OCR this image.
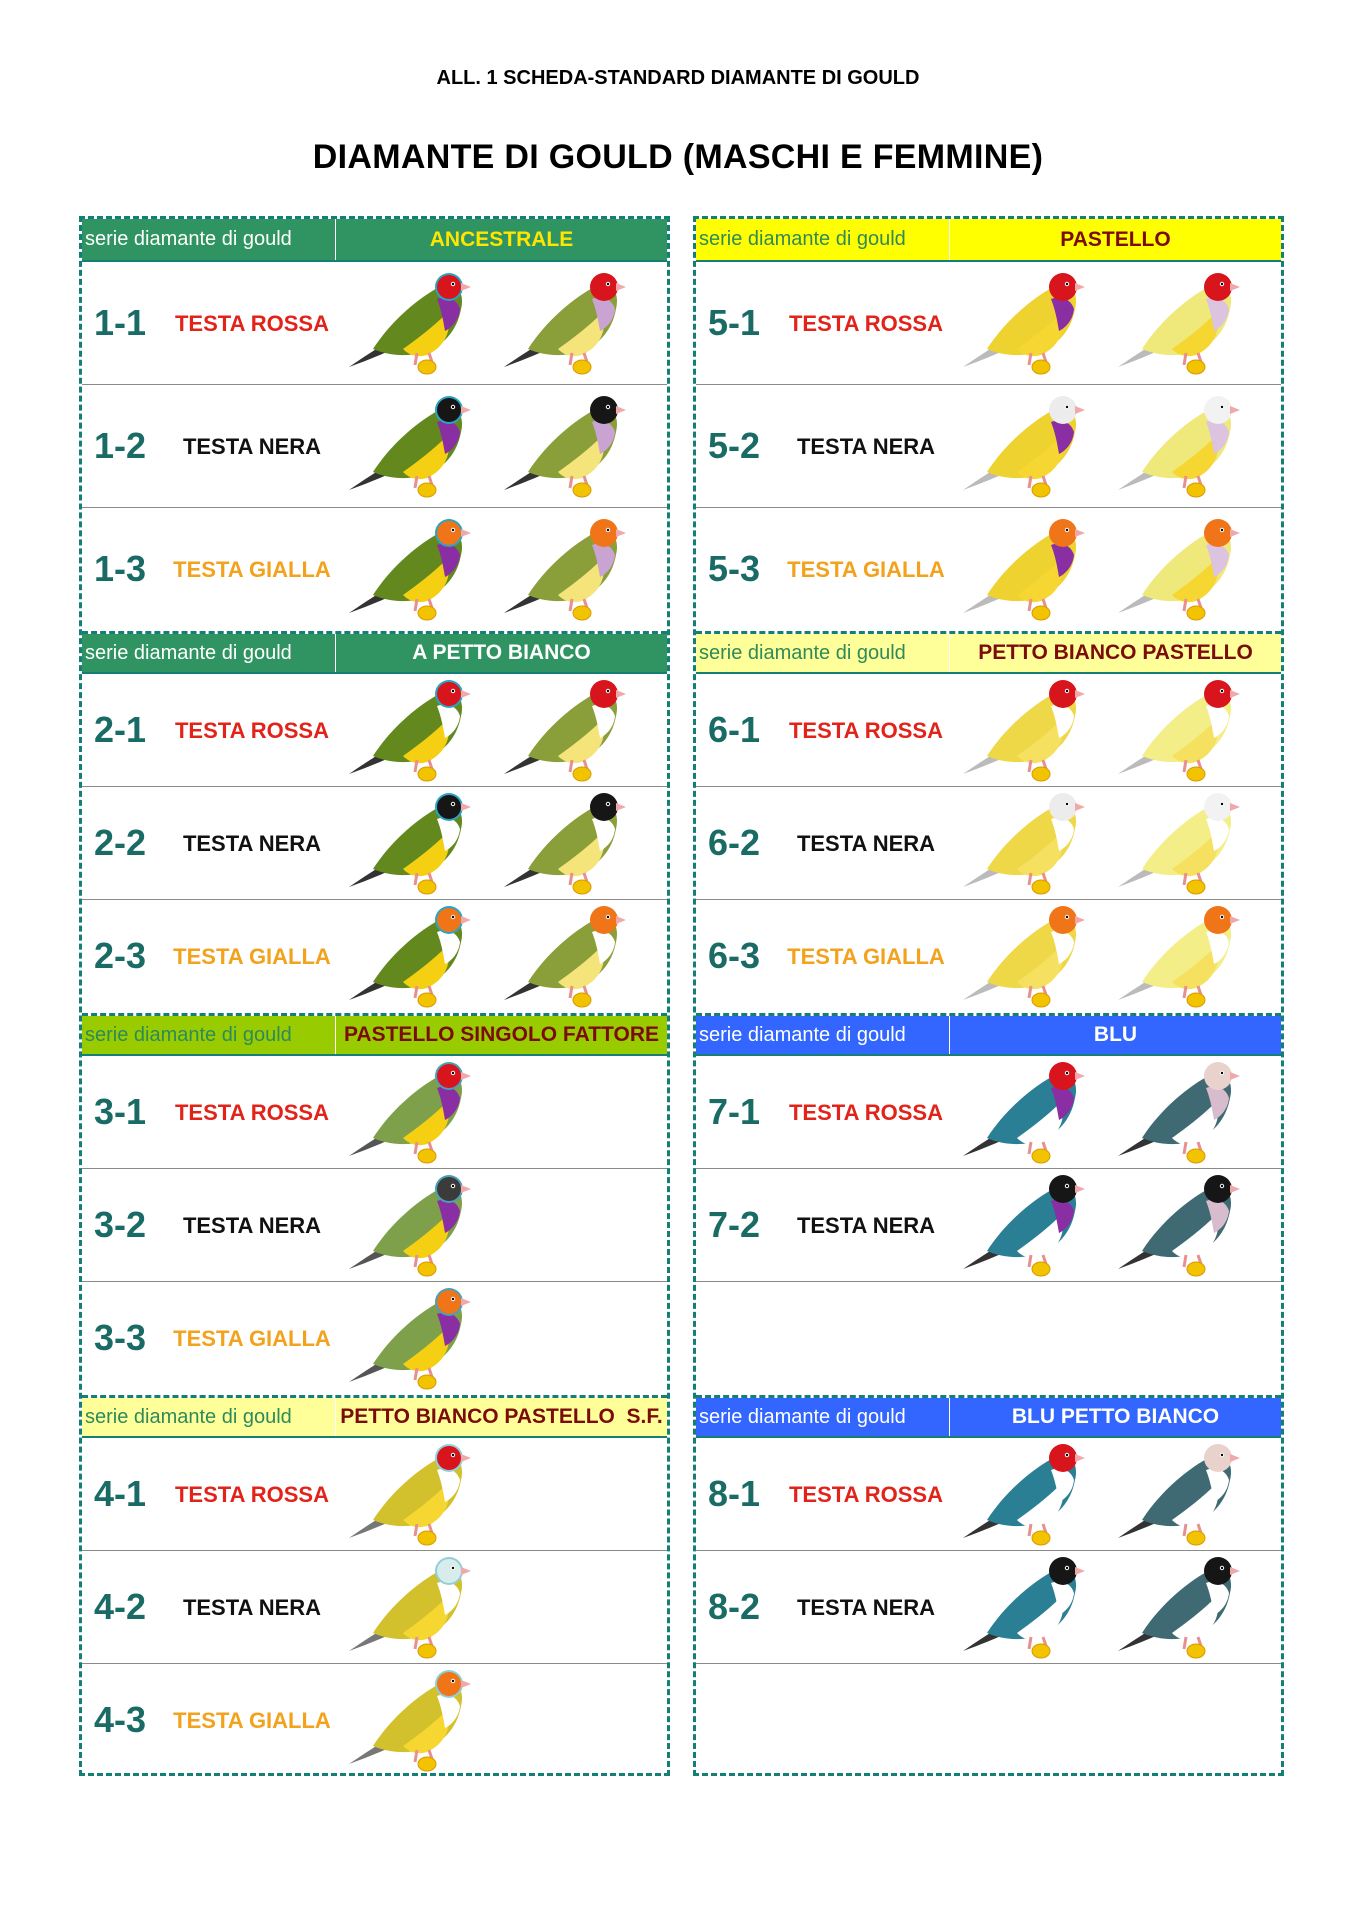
ALL. 1 SCHEDA-STANDARD DIAMANTE DI GOULD
DIAMANTE DI GOULD (MASCHI E FEMMINE)
serie diamante di gould	ANCESTRALE
1-1	TESTA ROSSA
1-2	TESTA NERA
1-3 TESTA GIALLA
serie diamante di gould	A PETTO BIANCO
2-1	TESTA ROSSA
2-2	TESTA NERA
2-3 TESTA GIALLA
serie diamante di gould	PASTELLO SINGOLO FATTORE
3-1	TESTA ROSSA
3-2	TESTA NERA
3-3 TESTA GIALLA
serie diamante di gould	PETTO BIANCO PASTELLO  S.F.
4-1	TESTA ROSSA
4-2	TESTA NERA
4-3 TESTA GIALLA
serie diamante di gould	PASTELLO
5-1	TESTA ROSSA
5-2	TESTA NERA
5-3 TESTA GIALLA
serie diamante di gould	PETTO BIANCO PASTELLO
6-1	TESTA ROSSA
6-2	TESTA NERA
6-3 TESTA GIALLA
serie diamante di gould	BLU
7-1	TESTA ROSSA
7-2	TESTA NERA
serie diamante di gould	BLU PETTO BIANCO
8-1	TESTA ROSSA
8-2	TESTA NERA
